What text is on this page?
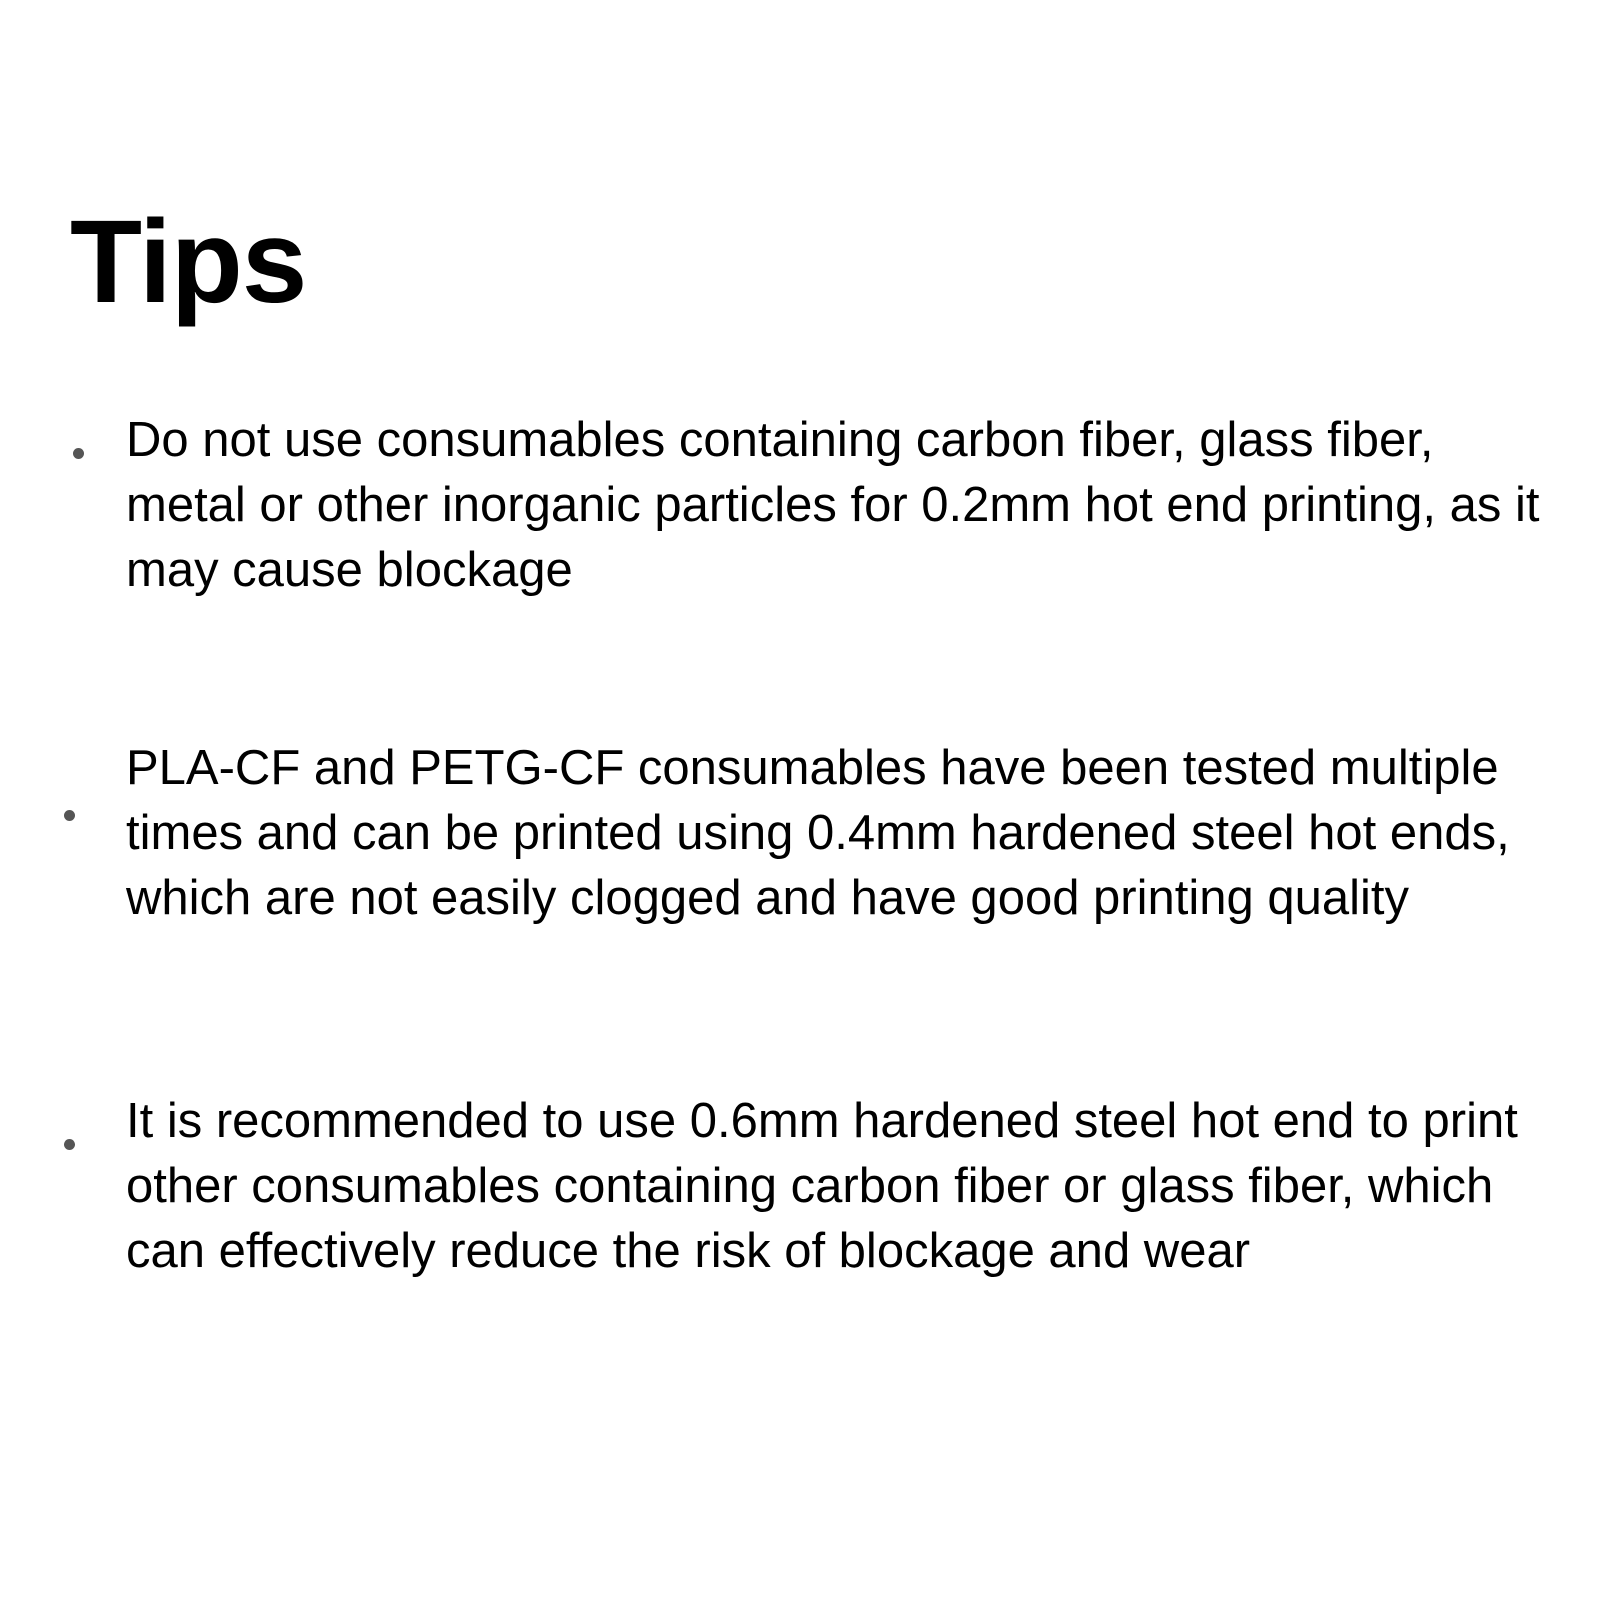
Tips

Do not use consumables containing carbon fiber, glass fiber, metal or other inorganic particles for 0.2mm hot end printing, as it may cause blockage

PLA-CF and PETG-CF consumables have been tested multiple times and can be printed using 0.4mm hardened steel hot ends, which are not easily clogged and have good printing quality

It is recommended to use 0.6mm hardened steel hot end to print other consumables containing carbon fiber or glass fiber, which can effectively reduce the risk of blockage and wear
